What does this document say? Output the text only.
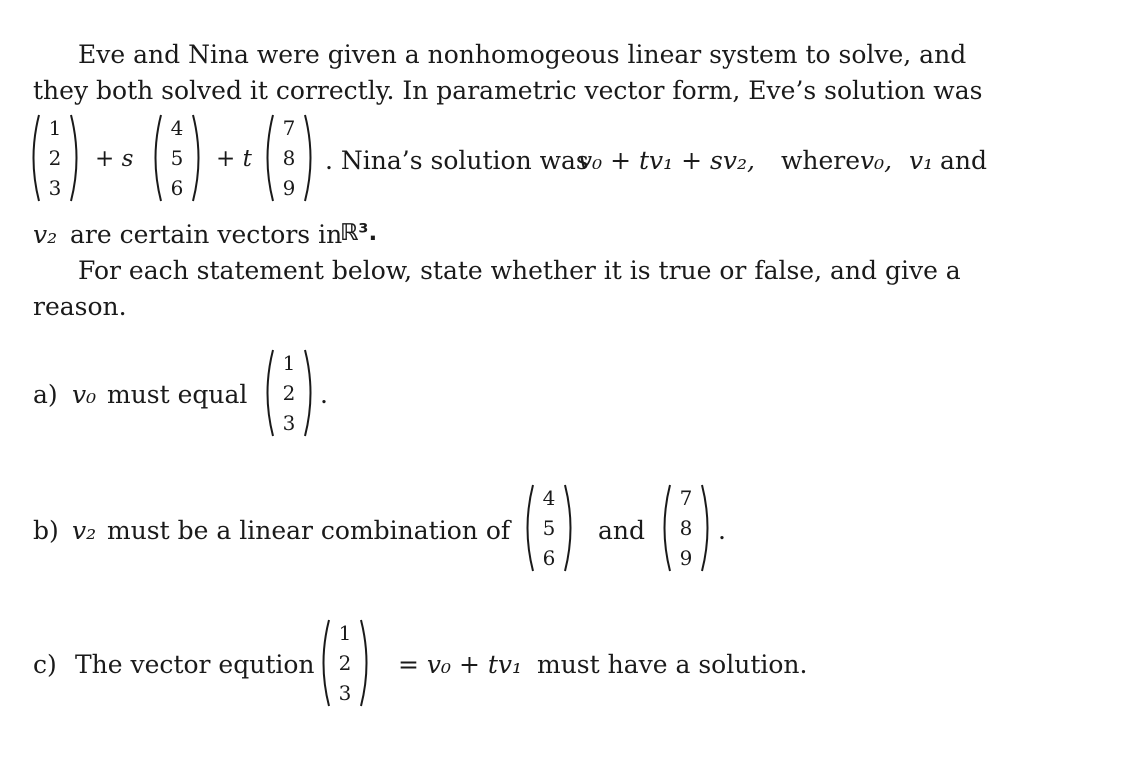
Eve and Nina were given a nonhomogeous linear system to solve, and
they both solved it correctly. In parametric vector form, Eve’s solution was
1
2
3
+ s
4
5
6
+ t
7
8
9
. Nina’s solution was
v₀ + tv₁ + sv₂, where v₀, v₁ and
v₂ are certain vectors in
ℝ³.
For each statement below, state whether it is true or false, and give a
reason.
a) v₀ must equal
1
2
3
.
b) v₂ must be a linear combination of
4
5
6
and
7
8
9
.
c) The vector eqution
1
2
3
= v₀ + tv₁ must have a solution.
